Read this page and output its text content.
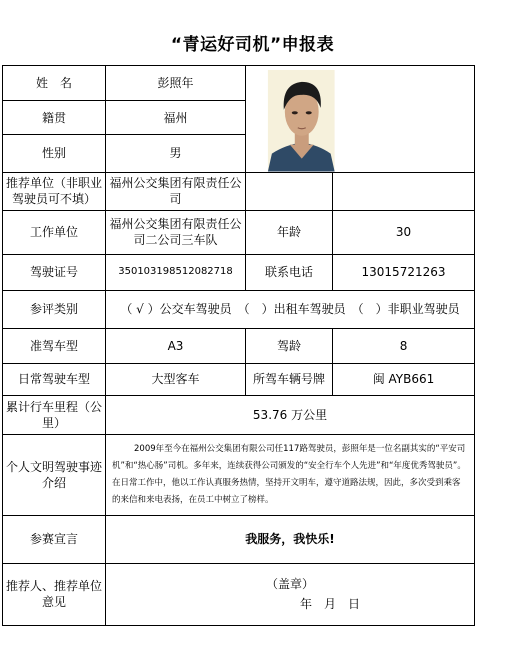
“青运好司机”申报表
姓　名	彭照年	

籍贯	福州		
性别	男		
推荐单位（非职业驾驶员可不填）	福州公交集团有限责任公司		
工作单位	福州公交集团有限责任公司二公司三车队	年龄	30
驾驶证号	350103198512082718	联系电话	13015721263
参评类别	（ √ ）公交车驾驶员　（　）出租车驾驶员　（　）非职业驾驶员		
准驾车型	A3	驾龄	8
日常驾驶车型	大型客车	所驾车辆号牌	闽 AYB661
累计行车里程（公里）	53.76 万公里		
个人文明驾驶事迹介绍	2009年至今在福州公交集团有限公司任117路驾驶员，彭照年是一位名副其实的“平安司机”和“热心肠”司机。多年来，连续获得公司颁发的“安全行车个人先进”和“年度优秀驾驶员”。在日常工作中，他以工作认真服务热情，坚持开文明车，遵守道路法规，因此，多次受到乘客的来信和来电表扬，在员工中树立了榜样。		

参赛宣言	我服务，我快乐!		
推荐人、推荐单位意见	（盖章）
年　月　日		
